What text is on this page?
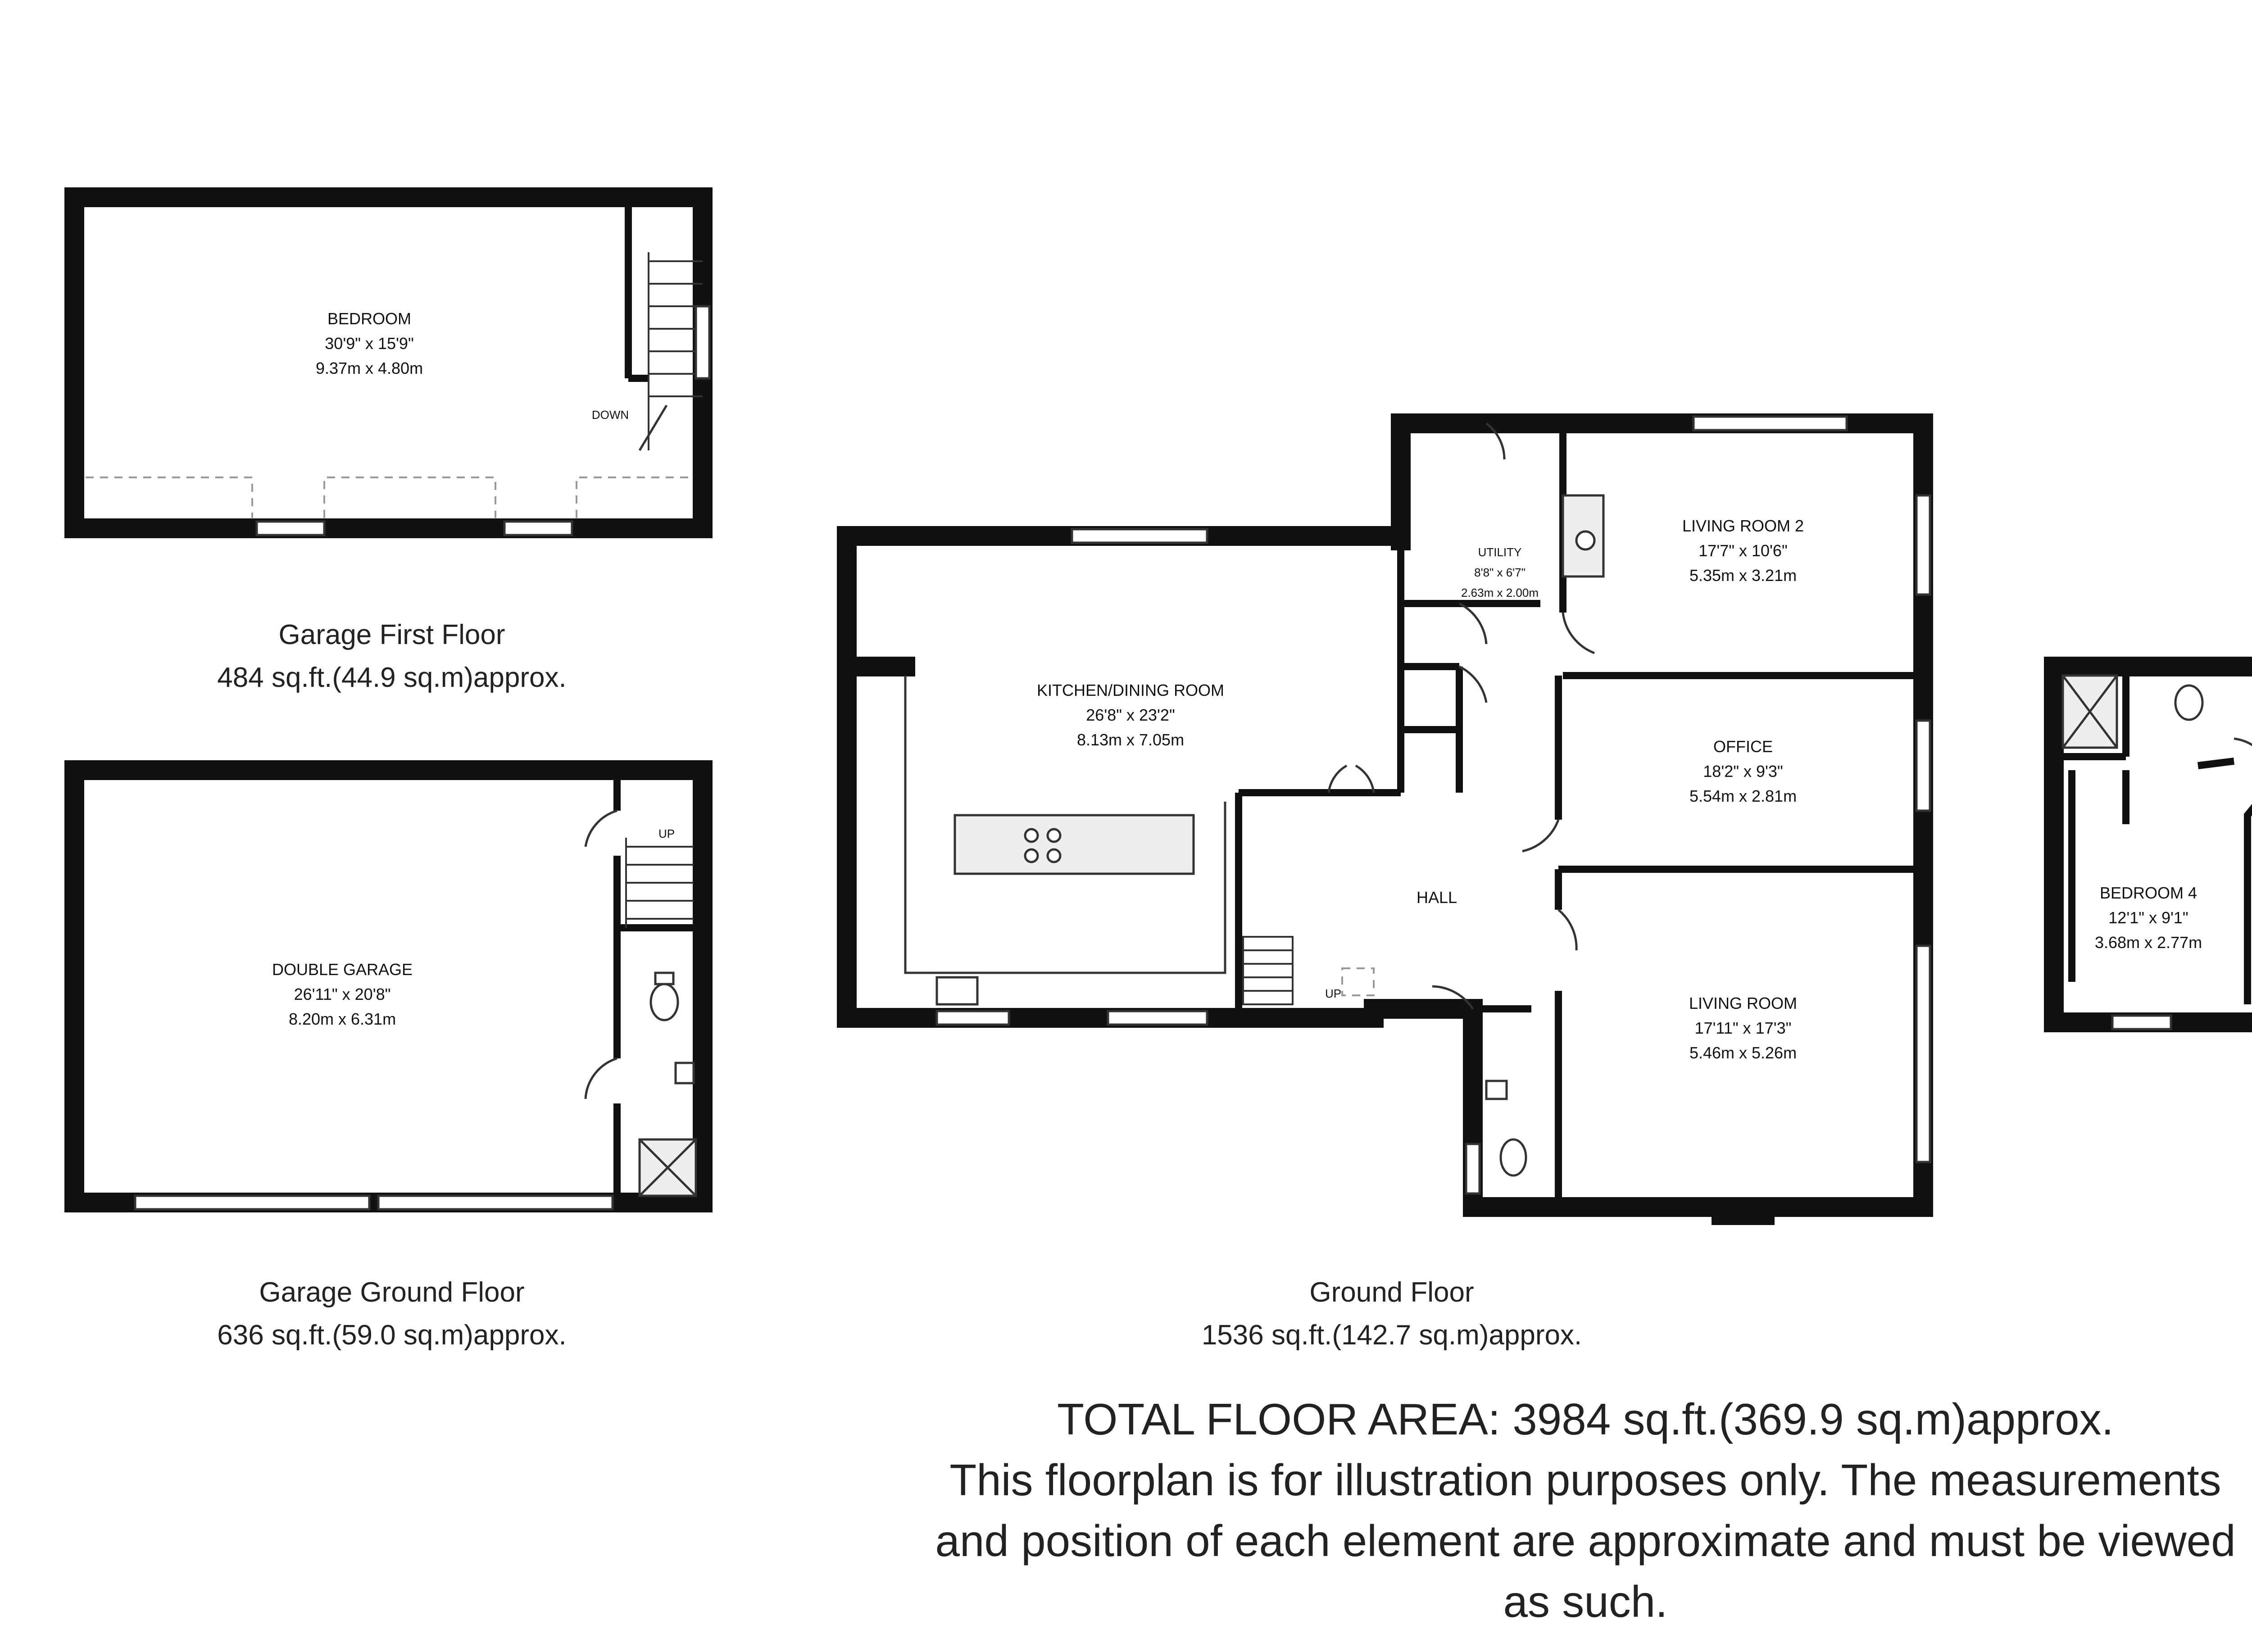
BEDROOM
30'9" x 15'9"
9.37m x 4.80m
DOWN
Garage First Floor
484 sq.ft.(44.9 sq.m)approx.
DOUBLE GARAGE
26'11" x 20'8"
8.20m x 6.31m
UP
Garage Ground Floor
636 sq.ft.(59.0 sq.m)approx.
KITCHEN/DINING ROOM
26'8" x 23'2"
8.13m x 7.05m
UTILITY
8'8" x 6'7"
2.63m x 2.00m
LIVING ROOM 2
17'7" x 10'6"
5.35m x 3.21m
OFFICE
18'2" x 9'3"
5.54m x 2.81m
HALL
LIVING ROOM
17'11" x 17'3"
5.46m x 5.26m
UP
Ground Floor
1536 sq.ft.(142.7 sq.m)approx.
BEDROOM 4
12'1" x 9'1"
3.68m x 2.77m
TOTAL FLOOR AREA: 3984 sq.ft.(369.9 sq.m)approx.
This floorplan is for illustration purposes only. The measurements
and position of each element are approximate and must be viewed
as such.
